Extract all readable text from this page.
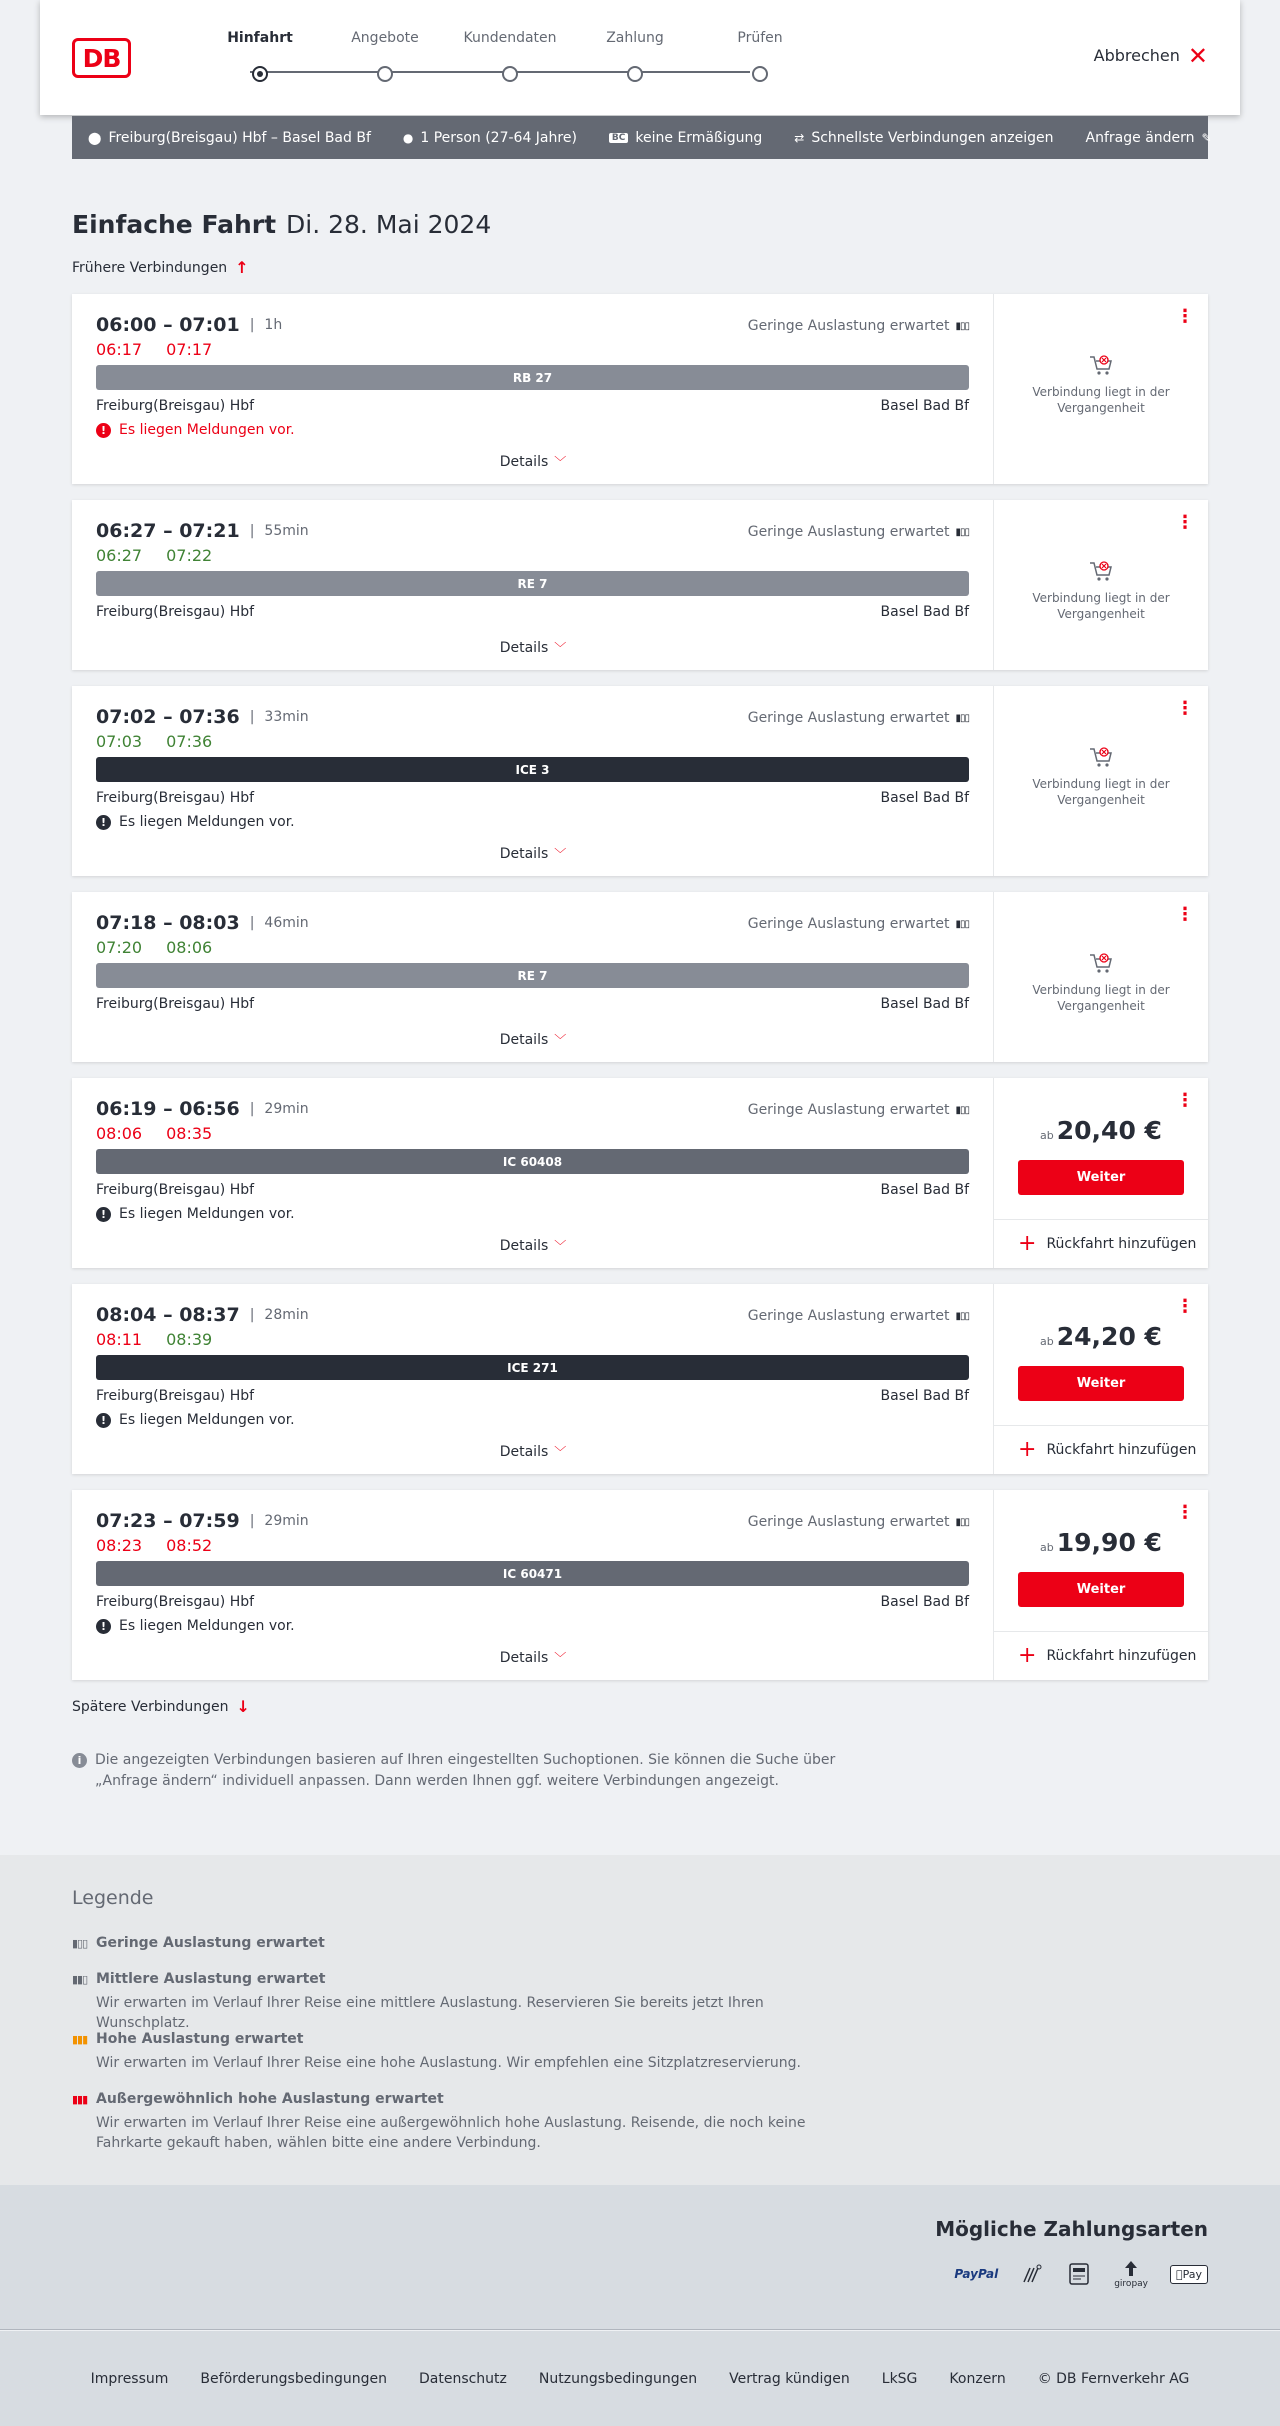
DB
Hinfahrt	Angebote	Kundendaten	Zahlung	Prüfen
Abbrechen ✕
⬤ Freiburg(Breisgau) Hbf – Basel Bad Bf	● 1 Person (27-64 Jahre)	BC keine Ermäßigung	⇄ Schnellste Verbindungen anzeigen Anfrage ändern ✎
Einfache Fahrt Di. 28. Mai 2024
Frühere Verbindungen ↑
06:00 – 07:01 | 1h	Geringe Auslastung erwartet ▮▯▯
06:17 07:17
RB 27
Freiburg(Breisgau) Hbf	Basel Bad Bf
! Es liegen Meldungen vor.
Details ﹀
⋮
Verbindung liegt in der Vergangenheit
06:27 – 07:21 | 55min	Geringe Auslastung erwartet ▮▯▯
06:27 07:22
RE 7
Freiburg(Breisgau) Hbf	Basel Bad Bf
Details ﹀
⋮
Verbindung liegt in der Vergangenheit
07:02 – 07:36 | 33min	Geringe Auslastung erwartet ▮▯▯
07:03 07:36
ICE 3
Freiburg(Breisgau) Hbf	Basel Bad Bf
! Es liegen Meldungen vor.
Details ﹀
⋮
Verbindung liegt in der Vergangenheit
07:18 – 08:03 | 46min	Geringe Auslastung erwartet ▮▯▯
07:20 08:06
RE 7
Freiburg(Breisgau) Hbf	Basel Bad Bf
Details ﹀
⋮
Verbindung liegt in der Vergangenheit
06:19 – 06:56 | 29min	Geringe Auslastung erwartet ▮▯▯
08:06 08:35
IC 60408
Freiburg(Breisgau) Hbf	Basel Bad Bf
! Es liegen Meldungen vor.
Details ﹀
⋮
ab 20,40 €
Weiter
+ Rückfahrt hinzufügen
08:04 – 08:37 | 28min	Geringe Auslastung erwartet ▮▯▯
08:11 08:39
ICE 271
Freiburg(Breisgau) Hbf	Basel Bad Bf
! Es liegen Meldungen vor.
Details ﹀
⋮
ab 24,20 €
Weiter
+ Rückfahrt hinzufügen
07:23 – 07:59 | 29min	Geringe Auslastung erwartet ▮▯▯
08:23 08:52
IC 60471
Freiburg(Breisgau) Hbf	Basel Bad Bf
! Es liegen Meldungen vor.
Details ﹀
⋮
ab 19,90 €
Weiter
+ Rückfahrt hinzufügen
Spätere Verbindungen ↓
i Die angezeigten Verbindungen basieren auf Ihren eingestellten Suchoptionen. Sie können die Suche über „Anfrage ändern“ individuell anpassen. Dann werden Ihnen ggf. weitere Verbindungen angezeigt.
Legende
▮▯▯ Geringe Auslastung erwartet
▮▮▯ Mittlere Auslastung erwartet
Wir erwarten im Verlauf Ihrer Reise eine mittlere Auslastung. Reservieren Sie bereits jetzt Ihren Wunschplatz.
▮▮▮ Hohe Auslastung erwartet
Wir erwarten im Verlauf Ihrer Reise eine hohe Auslastung. Wir empfehlen eine Sitzplatzreservierung.
▮▮▮ Außergewöhnlich hohe Auslastung erwartet
Wir erwarten im Verlauf Ihrer Reise eine außergewöhnlich hohe Auslastung. Reisende, die noch keine Fahrkarte gekauft haben, wählen bitte eine andere Verbindung.
Mögliche Zahlungsarten
PayPal
giropay
Pay
Impressum Beförderungsbedingungen Datenschutz Nutzungsbedingungen Vertrag kündigen LkSG Konzern © DB Fernverkehr AG
